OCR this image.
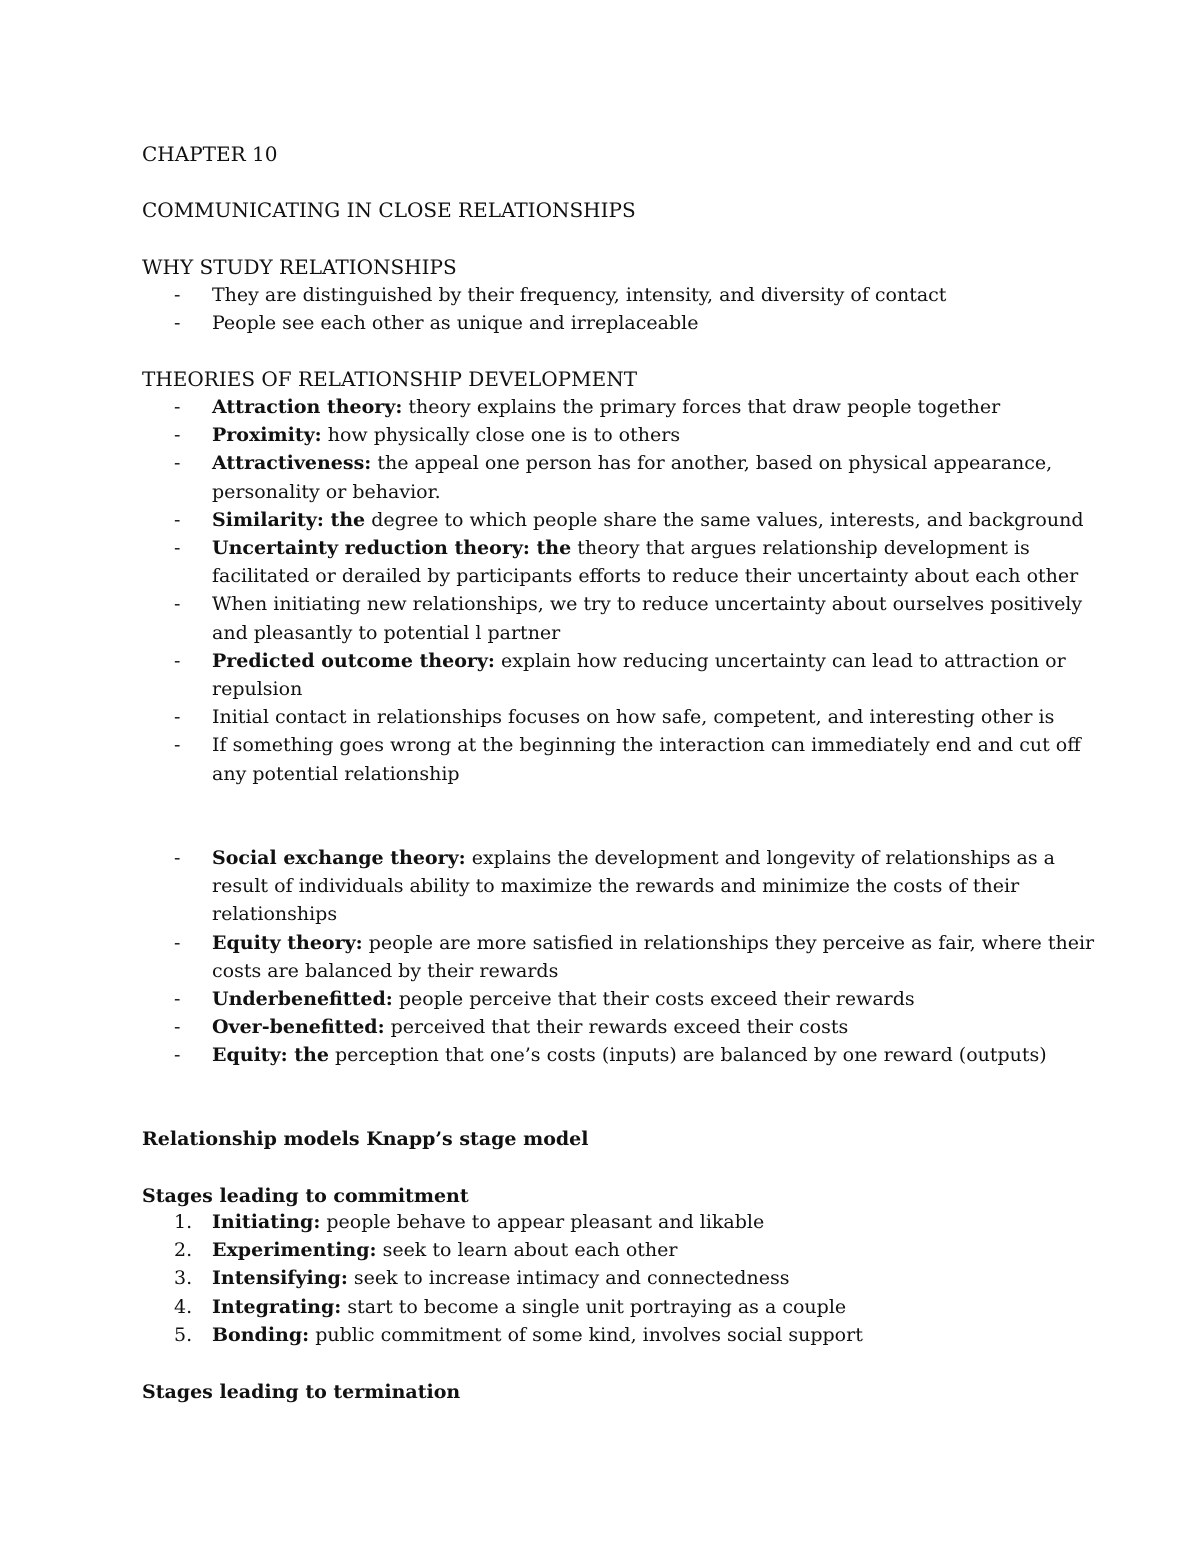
CHAPTER 10
COMMUNICATING IN CLOSE RELATIONSHIPS
WHY STUDY RELATIONSHIPS
- They are distinguished by their frequency, intensity, and diversity of contact
- People see each other as unique and irreplaceable
THEORIES OF RELATIONSHIP DEVELOPMENT
- Attraction theory: theory explains the primary forces that draw people together
- Proximity: how physically close one is to others
- Attractiveness: the appeal one person has for another, based on physical appearance, personality or behavior.
- Similarity: the degree to which people share the same values, interests, and background
- Uncertainty reduction theory: the theory that argues relationship development is facilitated or derailed by participants efforts to reduce their uncertainty about each other
- When initiating new relationships, we try to reduce uncertainty about ourselves positively and pleasantly to potential l partner
- Predicted outcome theory: explain how reducing uncertainty can lead to attraction or repulsion
- Initial contact in relationships focuses on how safe, competent, and interesting other is
- If something goes wrong at the beginning the interaction can immediately end and cut off any potential relationship
- Social exchange theory: explains the development and longevity of relationships as a result of individuals ability to maximize the rewards and minimize the costs of their relationships
- Equity theory: people are more satisfied in relationships they perceive as fair, where their costs are balanced by their rewards
- Underbenefitted: people perceive that their costs exceed their rewards
- Over-benefitted: perceived that their rewards exceed their costs
- Equity: the perception that one’s costs (inputs) are balanced by one reward (outputs)
Relationship models Knapp’s stage model
Stages leading to commitment
1. Initiating: people behave to appear pleasant and likable
2. Experimenting: seek to learn about each other
3. Intensifying: seek to increase intimacy and connectedness
4. Integrating: start to become a single unit portraying as a couple
5. Bonding: public commitment of some kind, involves social support
Stages leading to termination
